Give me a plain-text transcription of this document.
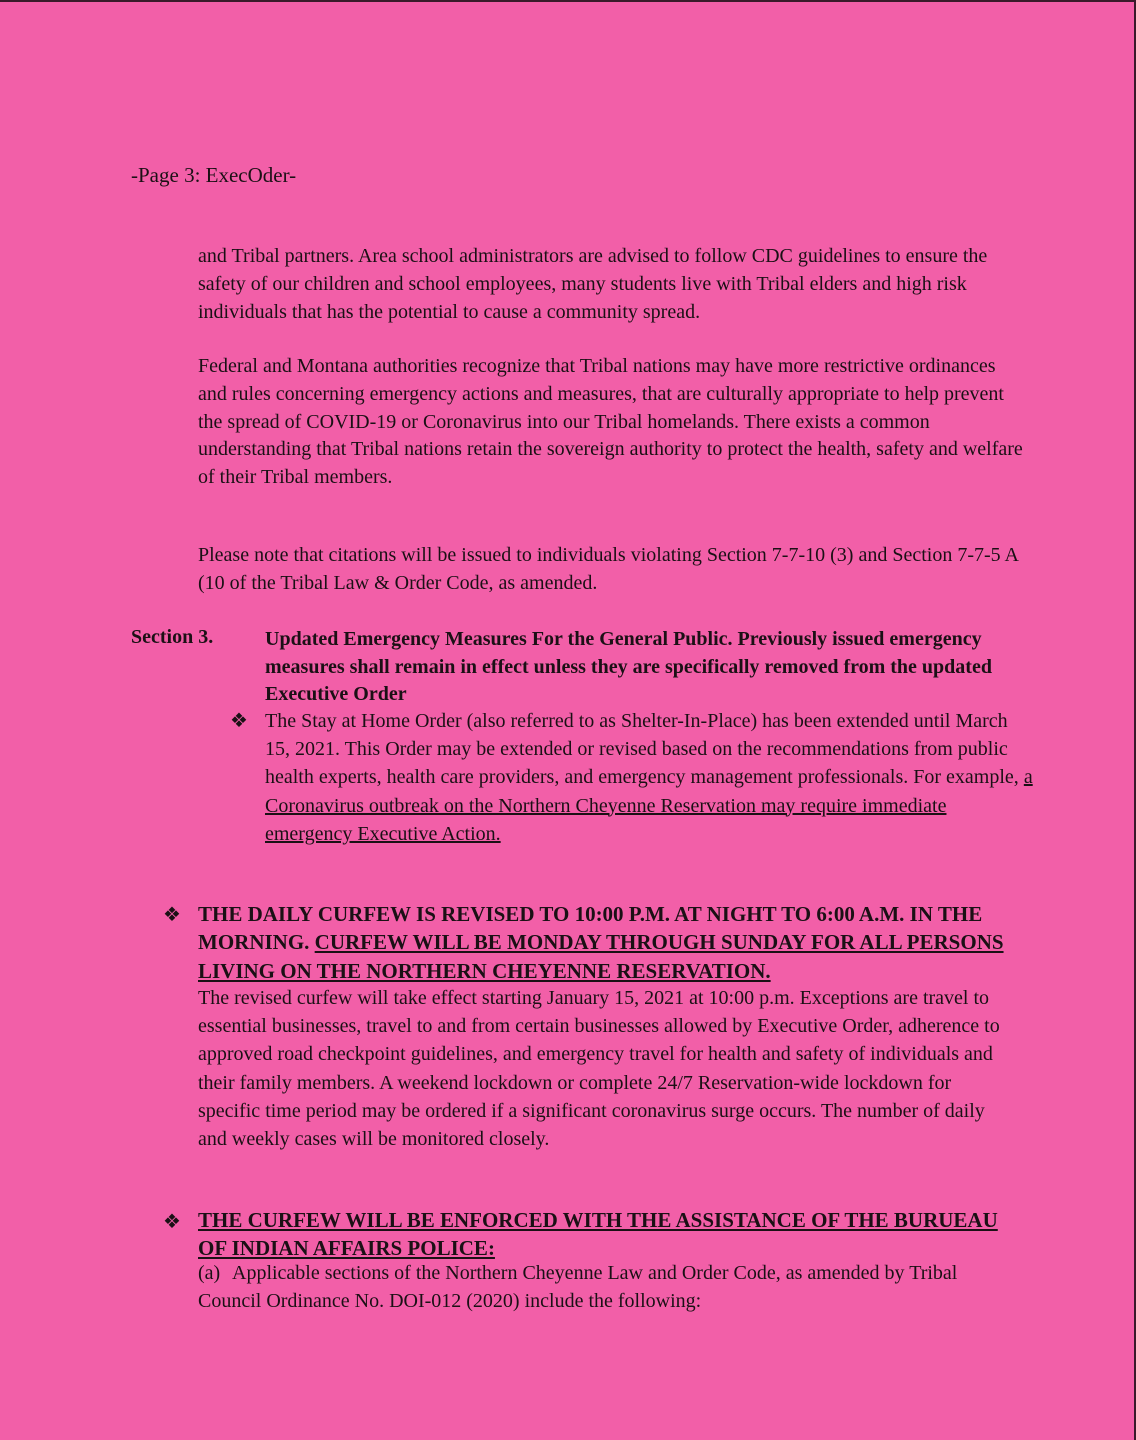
-Page 3: ExecOder-
and Tribal partners. Area school administrators are advised to follow CDC guidelines to ensure the safety of our children and school employees, many students live with Tribal elders and high risk individuals that has the potential to cause a community spread.
Federal and Montana authorities recognize that Tribal nations may have more restrictive ordinances and rules concerning emergency actions and measures, that are culturally appropriate to help prevent the spread of COVID-19 or Coronavirus into our Tribal homelands. There exists a common understanding that Tribal nations retain the sovereign authority to protect the health, safety and welfare of their Tribal members.
Please note that citations will be issued to individuals violating Section 7-7-10 (3) and Section 7-7-5 A (10 of the Tribal Law & Order Code, as amended.
Section 3.	Updated Emergency Measures For the General Public. Previously issued emergency measures shall remain in effect unless they are specifically removed from the updated Executive Order
❖ The Stay at Home Order (also referred to as Shelter-In-Place) has been extended until March 15, 2021. This Order may be extended or revised based on the recommendations from public health experts, health care providers, and emergency management professionals. For example, a Coronavirus outbreak on the Northern Cheyenne Reservation may require immediate emergency Executive Action.
❖ THE DAILY CURFEW IS REVISED TO 10:00 P.M. AT NIGHT TO 6:00 A.M. IN THE MORNING. CURFEW WILL BE MONDAY THROUGH SUNDAY FOR ALL PERSONS LIVING ON THE NORTHERN CHEYENNE RESERVATION.
The revised curfew will take effect starting January 15, 2021 at 10:00 p.m. Exceptions are travel to essential businesses, travel to and from certain businesses allowed by Executive Order, adherence to approved road checkpoint guidelines, and emergency travel for health and safety of individuals and their family members. A weekend lockdown or complete 24/7 Reservation-wide lockdown for specific time period may be ordered if a significant coronavirus surge occurs. The number of daily and weekly cases will be monitored closely.
❖ THE CURFEW WILL BE ENFORCED WITH THE ASSISTANCE OF THE BURUEAU OF INDIAN AFFAIRS POLICE:
(a) Applicable sections of the Northern Cheyenne Law and Order Code, as amended by Tribal Council Ordinance No. DOI-012 (2020) include the following:
